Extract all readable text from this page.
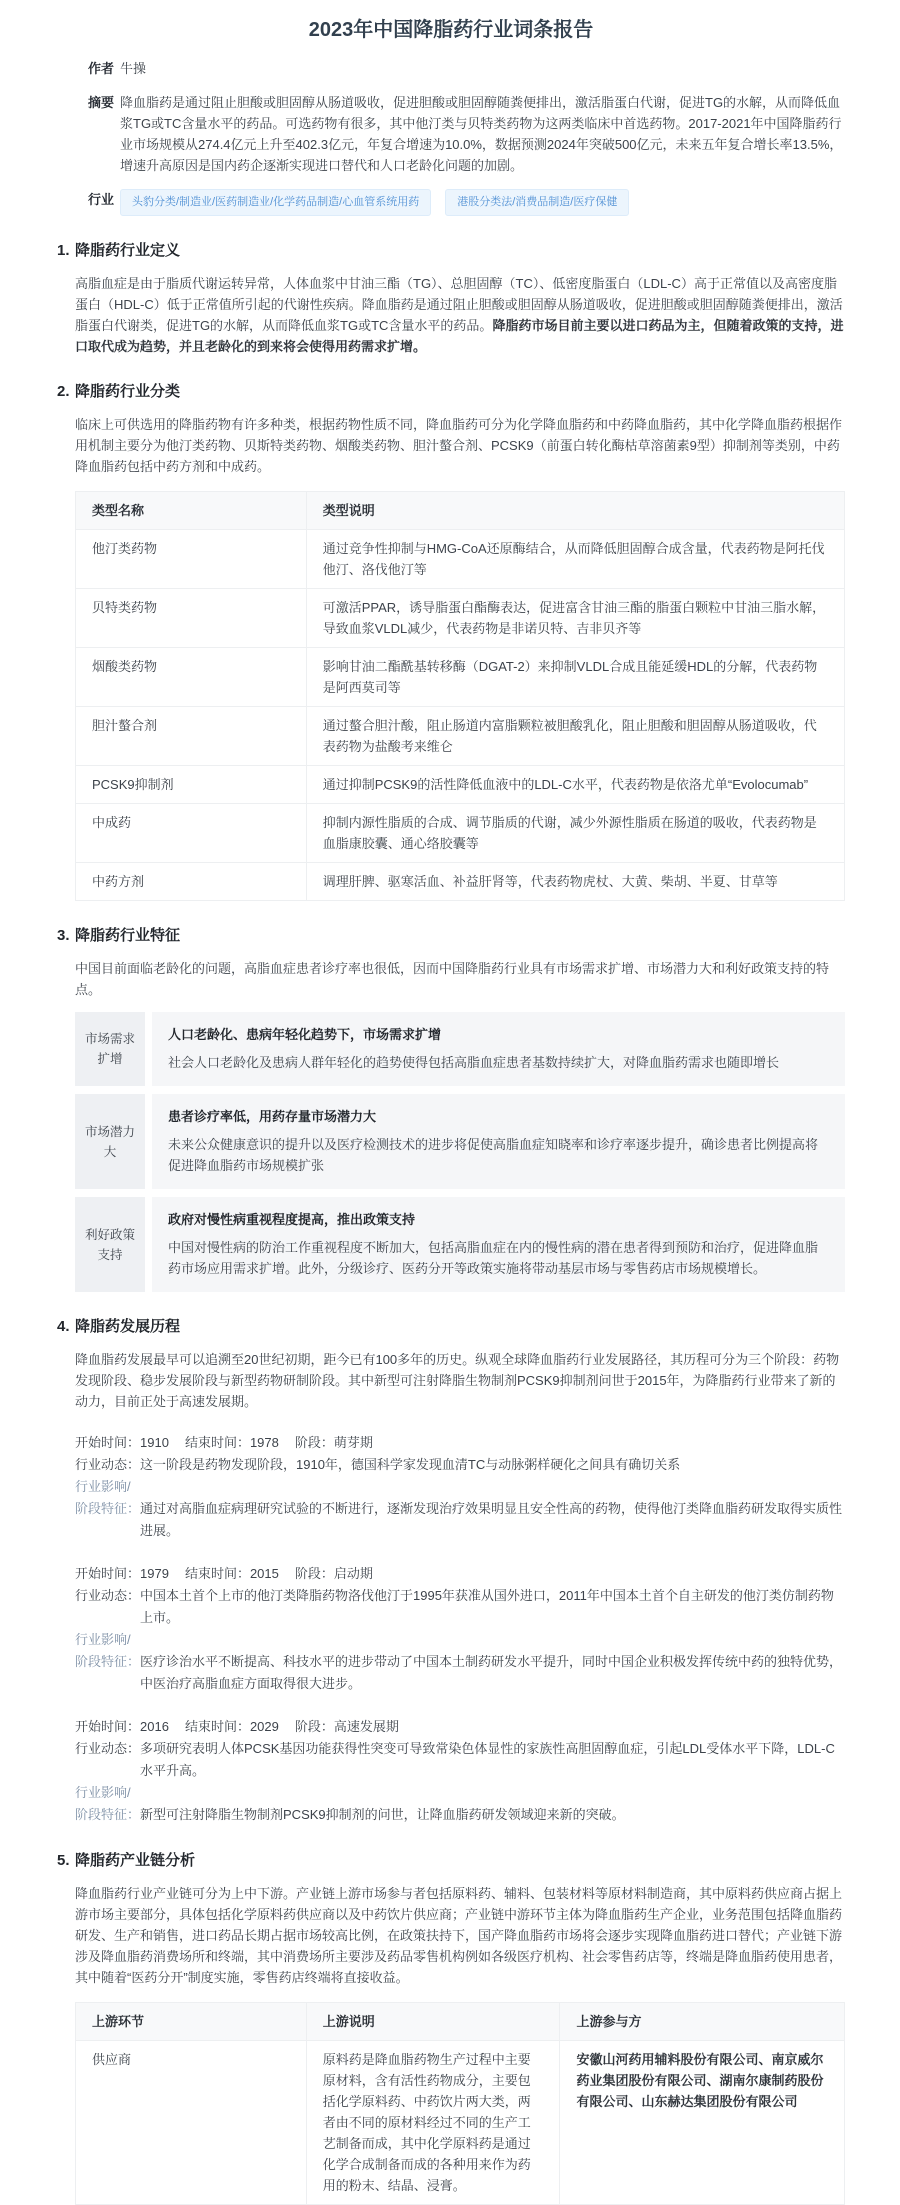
2023年中国降脂药行业词条报告
作者 牛操
摘要 降血脂药是通过阻止胆酸或胆固醇从肠道吸收，促进胆酸或胆固醇随粪便排出，激活脂蛋白代谢，促进TG的水解，从而降低血浆TG或TC含量水平的药品。可选药物有很多，其中他汀类与贝特类药物为这两类临床中首选药物。2017-2021年中国降脂药行业市场规模从274.4亿元上升至402.3亿元，年复合增速为10.0%，数据预测2024年突破500亿元，未来五年复合增长率13.5%，增速升高原因是国内药企逐渐实现进口替代和人口老龄化问题的加剧。
行业	头豹分类/制造业/医药制造业/化学药品制造/心血管系统用药	港股分类法/消费品制造/医疗保健
1. 降脂药行业定义
高脂血症是由于脂质代谢运转异常，人体血浆中甘油三酯（TG）、总胆固醇（TC）、低密度脂蛋白（LDL-C）高于正常值以及高密度脂蛋白（HDL-C）低于正常值所引起的代谢性疾病。降血脂药是通过阻止胆酸或胆固醇从肠道吸收，促进胆酸或胆固醇随粪便排出，激活脂蛋白代谢类，促进TG的水解，从而降低血浆TG或TC含量水平的药品。降脂药市场目前主要以进口药品为主，但随着政策的支持，进口取代成为趋势，并且老龄化的到来将会使得用药需求扩增。
2. 降脂药行业分类
临床上可供选用的降脂药物有许多种类，根据药物性质不同，降血脂药可分为化学降血脂药和中药降血脂药，其中化学降血脂药根据作用机制主要分为他汀类药物、贝斯特类药物、烟酸类药物、胆汁螯合剂、PCSK9（前蛋白转化酶枯草溶菌素9型）抑制剂等类别，中药降血脂药包括中药方剂和中成药。
类型名称	类型说明
他汀类药物	通过竞争性抑制与HMG-CoA还原酶结合，从而降低胆固醇合成含量，代表药物是阿托伐他汀、洛伐他汀等
贝特类药物	可激活PPAR，诱导脂蛋白酯酶表达，促进富含甘油三酯的脂蛋白颗粒中甘油三脂水解，导致血浆VLDL减少，代表药物是非诺贝特、吉非贝齐等
烟酸类药物	影响甘油二酯酰基转移酶（DGAT-2）来抑制VLDL合成且能延缓HDL的分解，代表药物是阿西莫司等
胆汁螯合剂	通过螯合胆汁酸，阻止肠道内富脂颗粒被胆酸乳化，阻止胆酸和胆固醇从肠道吸收，代表药物为盐酸考来维仑
PCSK9抑制剂	通过抑制PCSK9的活性降低血液中的LDL-C水平，代表药物是依洛尤单“Evolocumab”
中成药	抑制内源性脂质的合成、调节脂质的代谢，减少外源性脂质在肠道的吸收，代表药物是血脂康胶囊、通心络胶囊等
中药方剂	调理肝脾、驱寒活血、补益肝肾等，代表药物虎杖、大黄、柴胡、半夏、甘草等
3. 降脂药行业特征
中国目前面临老龄化的问题，高脂血症患者诊疗率也很低，因而中国降脂药行业具有市场需求扩增、市场潜力大和利好政策支持的特点。
市场需求扩增
人口老龄化、患病年轻化趋势下，市场需求扩增
社会人口老龄化及患病人群年轻化的趋势使得包括高脂血症患者基数持续扩大，对降血脂药需求也随即增长
市场潜力大
患者诊疗率低，用药存量市场潜力大
未来公众健康意识的提升以及医疗检测技术的进步将促使高脂血症知晓率和诊疗率逐步提升，确诊患者比例提高将促进降血脂药市场规模扩张
利好政策支持
政府对慢性病重视程度提高，推出政策支持
中国对慢性病的防治工作重视程度不断加大，包括高脂血症在内的慢性病的潜在患者得到预防和治疗，促进降血脂药市场应用需求扩增。此外，分级诊疗、医药分开等政策实施将带动基层市场与零售药店市场规模增长。
4. 降脂药发展历程
降血脂药发展最早可以追溯至20世纪初期，距今已有100多年的历史。纵观全球降血脂药行业发展路径，其历程可分为三个阶段：药物发现阶段、稳步发展阶段与新型药物研制阶段。其中新型可注射降脂生物制剂PCSK9抑制剂问世于2015年，为降脂药行业带来了新的动力，目前正处于高速发展期。
开始时间： 1910 结束时间： 1978 阶段： 萌芽期
行业动态： 这一阶段是药物发现阶段，1910年，德国科学家发现血清TC与动脉粥样硬化之间具有确切关系
行业影响/
阶段特征： 通过对高脂血症病理研究试验的不断进行，逐渐发现治疗效果明显且安全性高的药物，使得他汀类降血脂药研发取得实质性进展。
开始时间： 1979 结束时间： 2015 阶段： 启动期
行业动态： 中国本土首个上市的他汀类降脂药物洛伐他汀于1995年获准从国外进口，2011年中国本土首个自主研发的他汀类仿制药物上市。
行业影响/
阶段特征： 医疗诊治水平不断提高、科技水平的进步带动了中国本土制药研发水平提升，同时中国企业积极发挥传统中药的独特优势，中医治疗高脂血症方面取得很大进步。
开始时间： 2016 结束时间： 2029 阶段： 高速发展期
行业动态： 多项研究表明人体PCSK基因功能获得性突变可导致常染色体显性的家族性高胆固醇血症，引起LDL受体水平下降，LDL-C水平升高。
行业影响/
阶段特征： 新型可注射降脂生物制剂PCSK9抑制剂的问世，让降血脂药研发领域迎来新的突破。
5. 降脂药产业链分析
降血脂药行业产业链可分为上中下游。产业链上游市场参与者包括原料药、辅料、包装材料等原材料制造商，其中原料药供应商占据上游市场主要部分，具体包括化学原料药供应商以及中药饮片供应商；产业链中游环节主体为降血脂药生产企业，业务范围包括降血脂药研发、生产和销售，进口药品长期占据市场较高比例，在政策扶持下，国产降血脂药市场将会逐步实现降血脂药进口替代；产业链下游涉及降血脂药消费场所和终端，其中消费场所主要涉及药品零售机构例如各级医疗机构、社会零售药店等，终端是降血脂药使用患者，其中随着“医药分开”制度实施，零售药店终端将直接收益。
上游环节	上游说明	上游参与方
供应商	原料药是降血脂药物生产过程中主要原材料，含有活性药物成分，主要包括化学原料药、中药饮片两大类，两者由不同的原材料经过不同的生产工艺制备而成，其中化学原料药是通过化学合成制备而成的各种用来作为药用的粉末、结晶、浸膏。	安徽山河药用辅料股份有限公司、南京威尔药业集团股份有限公司、湖南尔康制药股份有限公司、山东赫达集团股份有限公司
